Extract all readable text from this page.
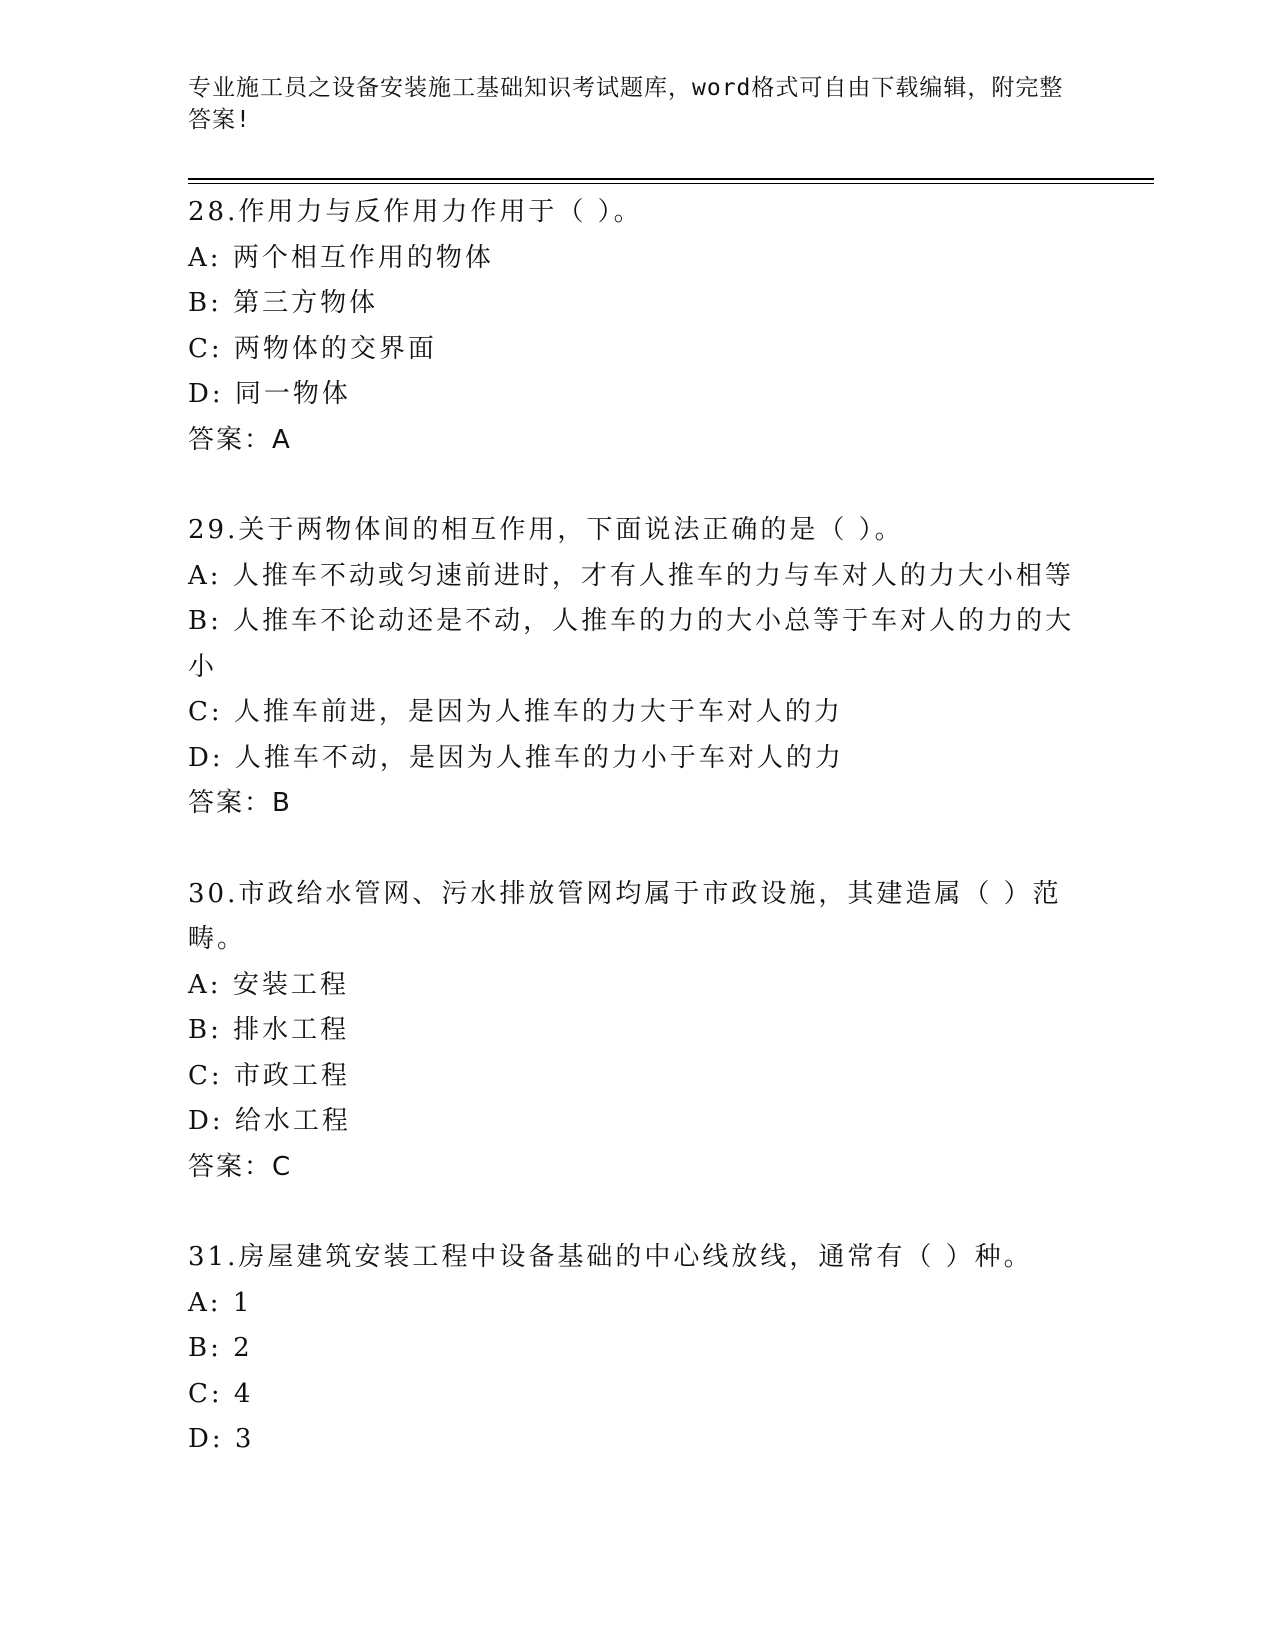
专业施工员之设备安装施工基础知识考试题库，word格式可自由下载编辑，附完整答案!
28.作用力与反作用力作用于（ ）。
A: 两个相互作用的物体
B: 第三方物体
C: 两物体的交界面
D: 同一物体
答案：A
29.关于两物体间的相互作用，下面说法正确的是（ ）。
A: 人推车不动或匀速前进时，才有人推车的力与车对人的力大小相等
B: 人推车不论动还是不动，人推车的力的大小总等于车对人的力的大小
C: 人推车前进，是因为人推车的力大于车对人的力
D: 人推车不动，是因为人推车的力小于车对人的力
答案：B
30.市政给水管网、污水排放管网均属于市政设施，其建造属（ ）范畴。
A: 安装工程
B: 排水工程
C: 市政工程
D: 给水工程
答案：C
31.房屋建筑安装工程中设备基础的中心线放线，通常有（ ）种。
A: 1
B: 2
C: 4
D: 3
